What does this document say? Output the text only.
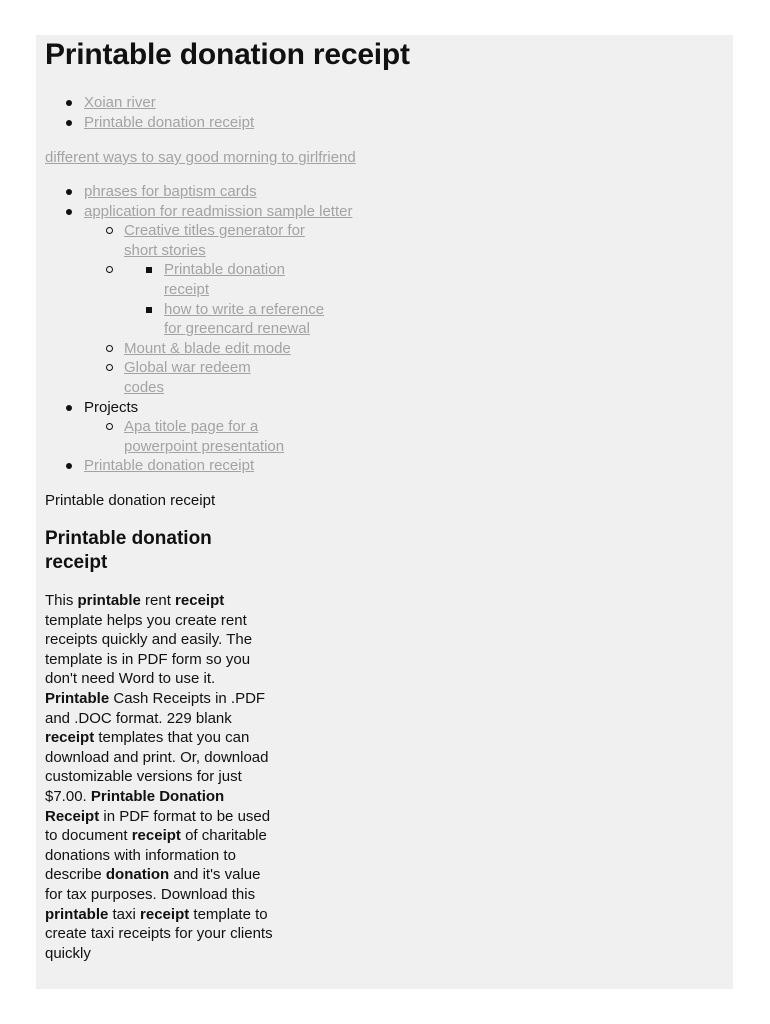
Printable donation receipt
Xoian river
Printable donation receipt
different ways to say good morning to girlfriend
phrases for baptism cards
application for readmission sample letter
Creative titles generator for short stories
Printable donation receipt
how to write a reference for greencard renewal
Mount & blade edit mode
Global war redeem codes
Projects
Apa titole page for a powerpoint presentation
Printable donation receipt
Printable donation receipt
Printable donation receipt

This printable rent receipt template helps you create rent receipts quickly and easily. The template is in PDF form so you don't need Word to use it. Printable Cash Receipts in .PDF and .DOC format. 229 blank receipt templates that you can download and print. Or, download customizable versions for just $7.00. Printable Donation Receipt in PDF format to be used to document receipt of charitable donations with information to describe donation and it's value for tax purposes. Download this printable taxi receipt template to create taxi receipts for your clients quickly
